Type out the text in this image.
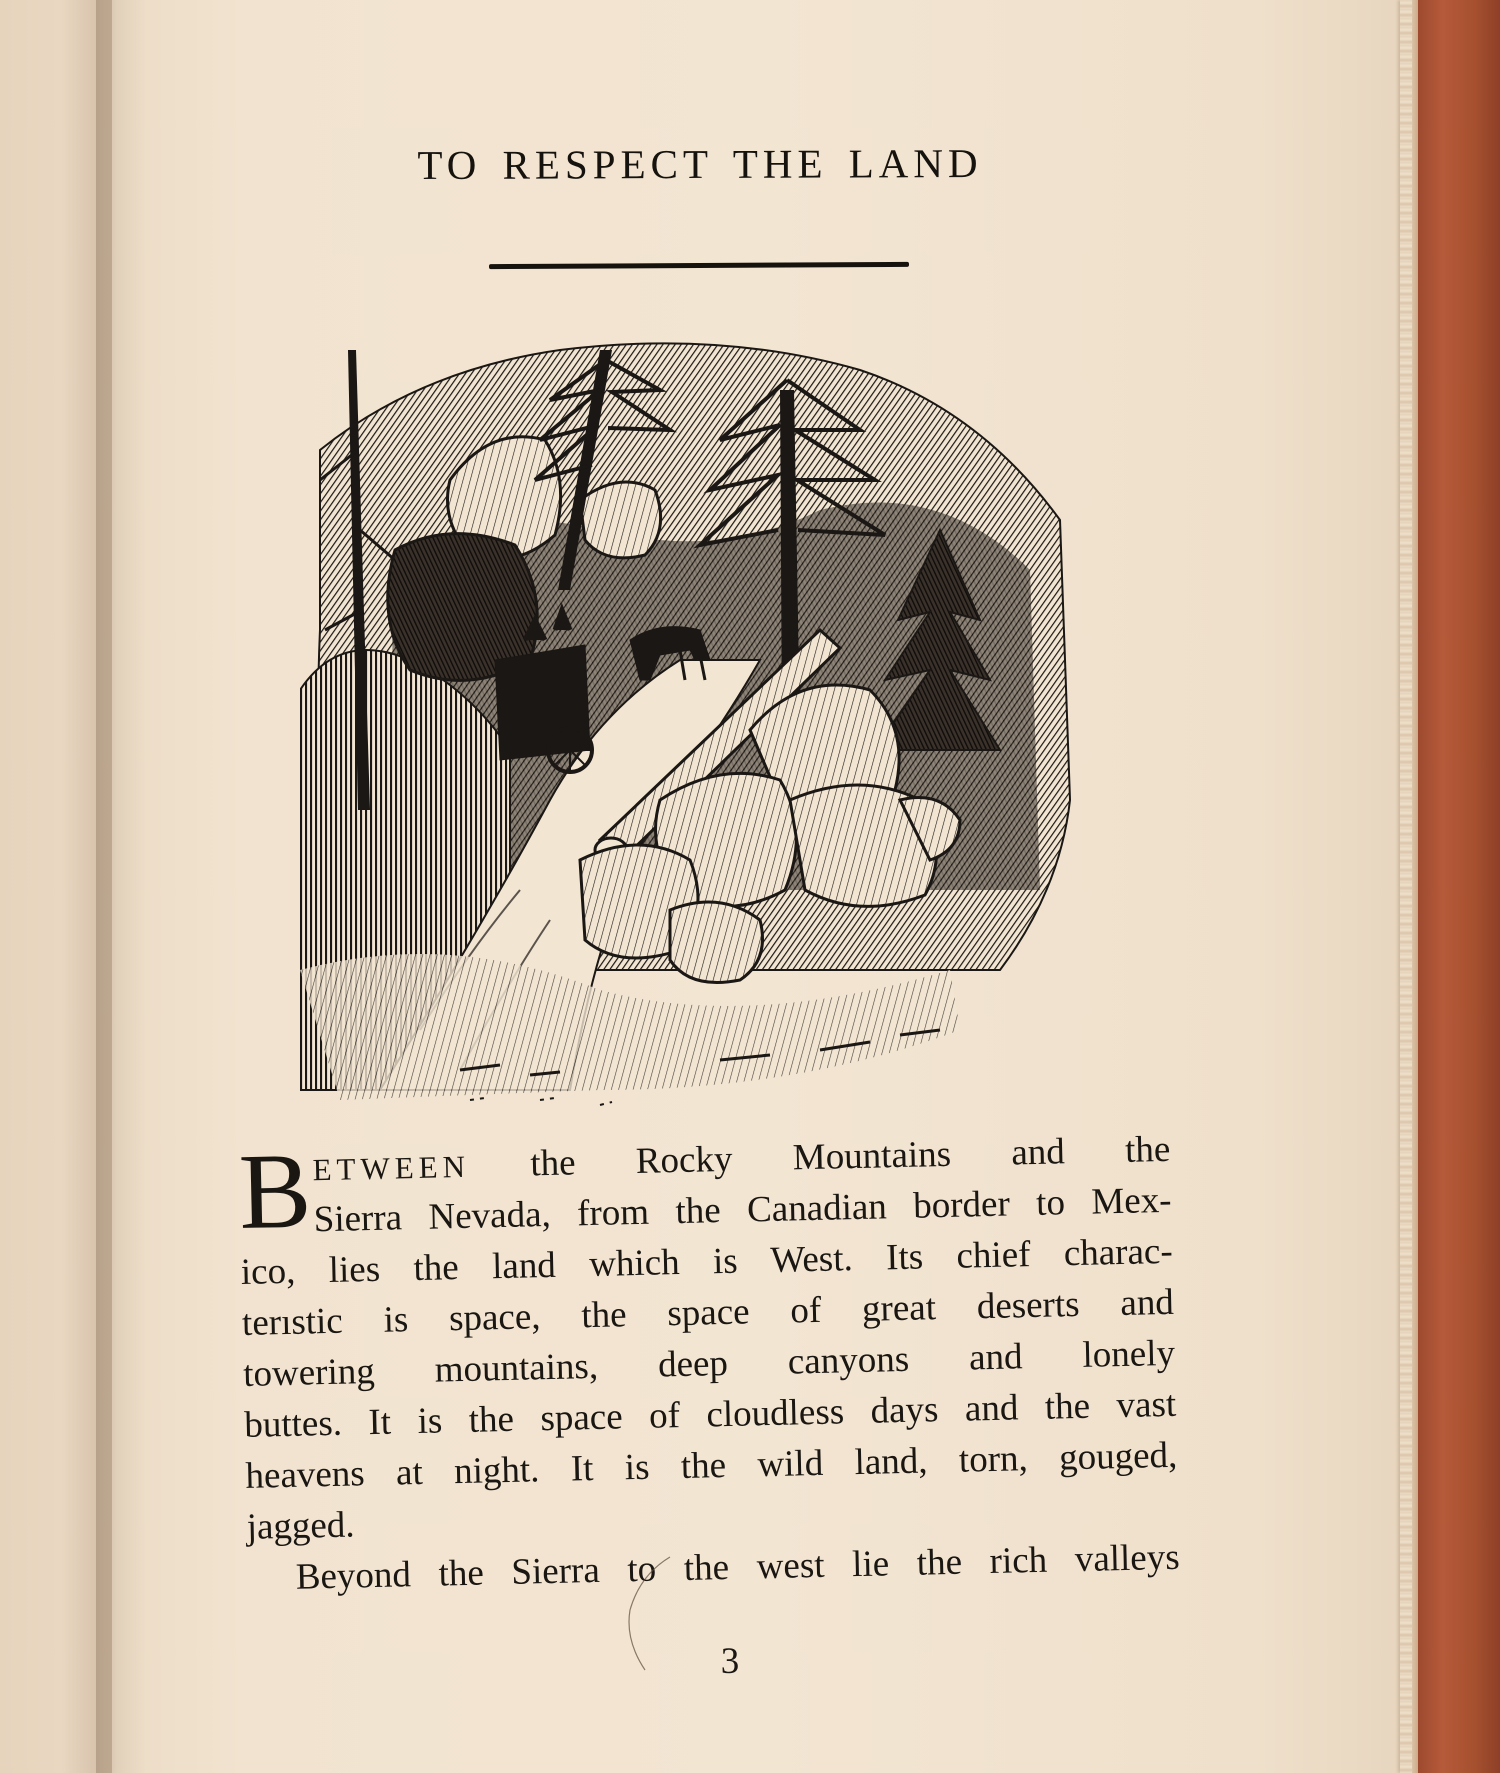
TO RESPECT THE LAND
B ETWEEN the Rocky Mountains and the
Sierra Nevada, from the Canadian border to Mex-
ico, lies the land which is West. Its chief charac-
terıstic is space, the space of great deserts and
towering mountains, deep canyons and lonely
buttes. It is the space of cloudless days and the vast
heavens at night. It is the wild land, torn, gouged,
jagged.
Beyond the Sierra to the west lie the rich valleys
3
